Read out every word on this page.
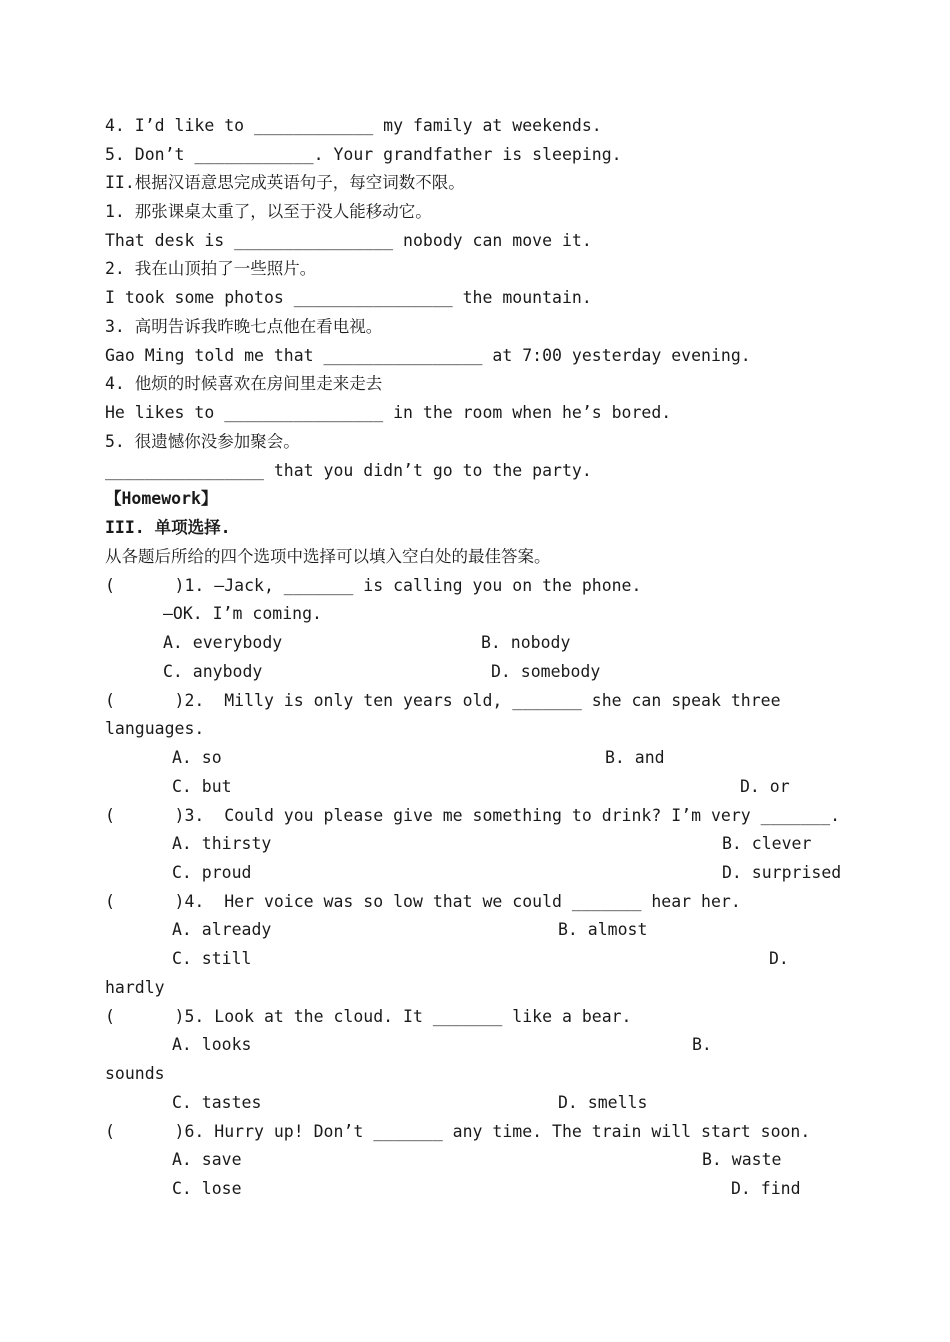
4. I’d like to ____________ my family at weekends.
5. Don’t ____________. Your grandfather is sleeping.
II.根据汉语意思完成英语句子，每空词数不限。
1. 那张课桌太重了，以至于没人能移动它。
That desk is ________________ nobody can move it.
2. 我在山顶拍了一些照片。
I took some photos ________________ the mountain.
3. 高明告诉我昨晚七点他在看电视。
Gao Ming told me that ________________ at 7:00 yesterday evening.
4. 他烦的时候喜欢在房间里走来走去
He likes to ________________ in the room when he’s bored.
5. 很遗憾你没参加聚会。
________________ that you didn’t go to the party.
【Homework】
III. 单项选择.
从各题后所给的四个选项中选择可以填入空白处的最佳答案。
(      )1. —Jack, _______ is calling you on the phone.
—OK. I’m coming.
A. everybody	B. nobody
C. anybody	D. somebody
(      )2.  Milly is only ten years old, _______ she can speak three
languages.
A. so	B. and
C. but	D. or
(      )3.  Could you please give me something to drink? I’m very _______.
A. thirsty	B. clever
C. proud	D. surprised
(      )4.  Her voice was so low that we could _______ hear her.
A. already	B. almost
C. still	D.
hardly
(      )5. Look at the cloud. It _______ like a bear.
A. looks	B.
sounds
C. tastes	D. smells
(      )6. Hurry up! Don’t _______ any time. The train will start soon.
A. save	B. waste
C. lose	D. find
